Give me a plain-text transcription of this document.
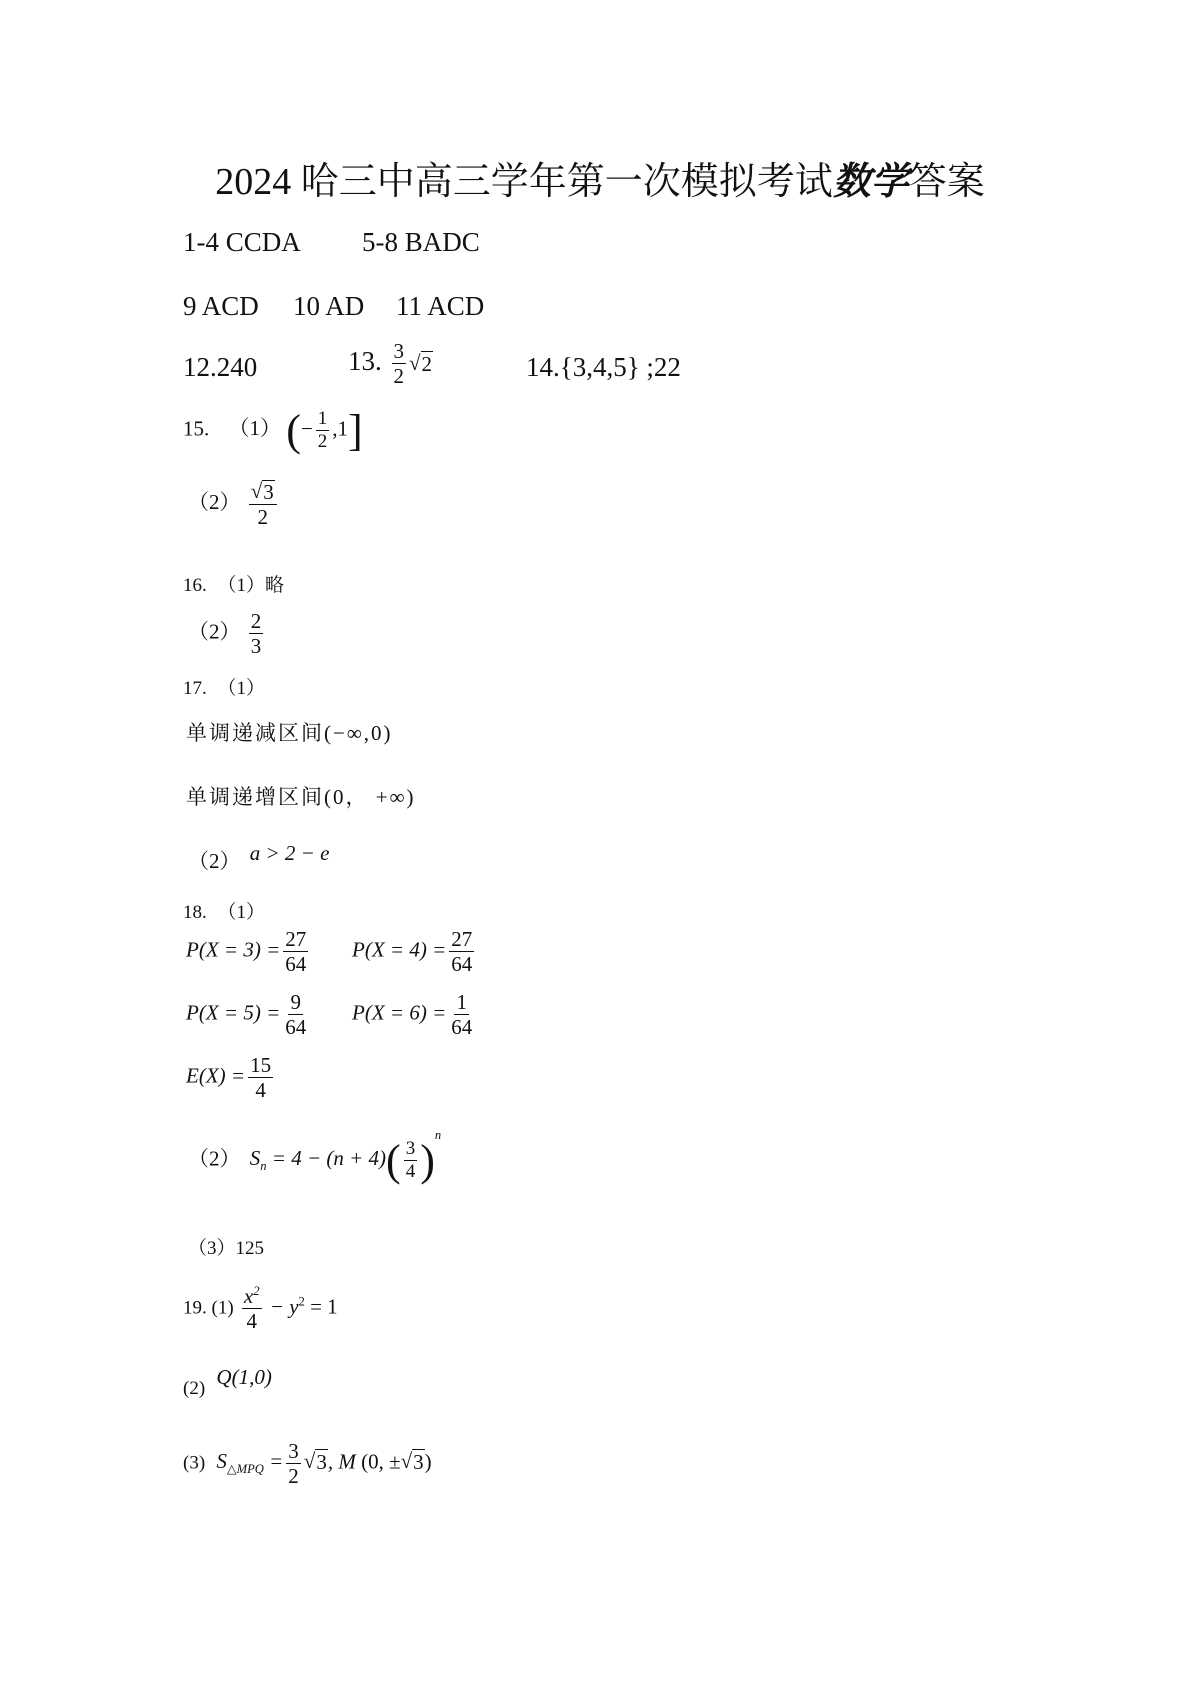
2024 哈三中高三学年第一次模拟考试数学答案
1-4 CCDA 5-8 BADC
9 ACD 10 AD 11 ACD
12.240	13. $\frac{3}{2}$ √ 2	14.{3,4,5} ;22
15. （1） (− $\frac{1}{2} ,1$]
$(2) \frac{√ 3}{2}$
16. （1）略
$(2) \frac{2}{3}$
17. （1）
单调递减区间(−∞,0)
单调递增区间(0， +∞)
（2） a > 2 − e
18. （1）
$P(X = 3) = \frac{27}{64} P(X = 4) = \frac{27}{64}$
$P(X = 5) = \frac{9}{64} P(X = 6) = \frac{1}{64}$
$E(X) = \frac{15}{4}$
（2） $S_n = 4 - (n + 4)( \frac{3}{4} )^n$
（3）125
19. $(1) \frac{x^2}{4} - y^2 = 1$
(2) Q(1,0)
(3) $S_{\triangle MPQ} = \frac{3}{2}$ √ 3 , M (0, ±√ 3 )
